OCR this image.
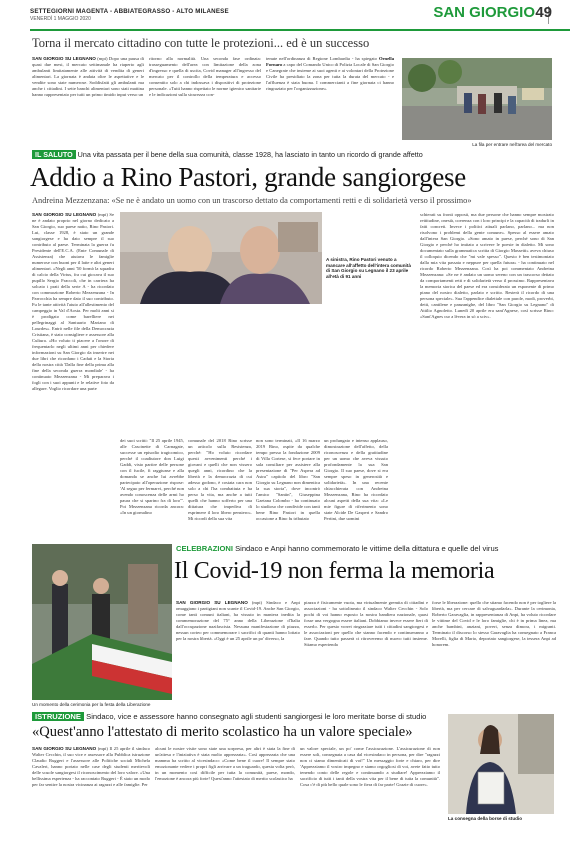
SETTEGIORNI MAGENTA - ABBIATEGRASSO - ALTO MILANESE
VENERDÌ 1 MAGGIO 2020	SAN GIORGIO 49
Torna il mercato cittadino con tutte le protezioni... ed è un successo
SAN GIORGIO SU LEGNANO (mpi) Dopo una pausa di quasi due mesi, il mercato settimanale ha riaperto agli ambulanti limitatamente alle attività di vendita di generi alimentari. La giornata è andata oltre le aspettative e le vendite sono state numerose. Soddisfatti gli ambulanti ma anche i cittadini. I sette banchi alimentari sono stati mattina hanno rappresentato per tutti un primo timido input verso un
ritorno alla normalità. Una seconda fase ordinata: trasseguamento dell'area con limitazione della zona d'ingresso e quella di uscita, Covid manager all'ingresso del mercato per il controllo della temperatura e accesso consentito solo a chi indossava i dispositivi di protezione personale. «Tutti hanno rispettato le norme igienico sanitarie e le indicazioni sulla sicurezza con-
tenute nell'ordinanza di Regione Lombardia - ha spiegato Ornella Fornaro a capo del Comando Unico di Polizia Locale di San Giorgio e Canegrate che insieme ai suoi agenti e ai volontari della Protezione Civile ha presidiato la zona per tutta la durata del mercato - e l'affluenza è stata buona. I commercianti a fine giornata ci hanno ringraziato per l'organizzazione».
La fila per entrare nell'area del mercato
IL SALUTO Una vita passata per il bene della sua comunità, classe 1928, ha lasciato in tanto un ricordo di grande affetto
Addio a Rino Pastori, grande sangiorgese
Andreina Mezzenzana: «Se ne è andato un uomo con un trascorso dettato da comportamenti retti e di solidarietà verso il prossimo»
SAN GIORGIO SU LEGNANO (mpi) Se ne è andato proprio nel giorno dedicato a San Giorgio, suo paese natio, Rino Pastori. Lui, classe 1928, è stato un grande sangiorgese e ha dato sempre il suo contributo al paese. Terminata la guerra fu Presidente dell'E.C.A. (Ente Comunale di Assistenza) che aiutava le famiglie numerose con buoni per il latte e altri generi alimentari. «Negli anni '50 formò la squadra di calcio della Virtus, fra cui giocava il suo pupillo Sergio Fraccoli, che in carriera ha solcato i prati della serie A - ha ricordato con commozione Roberto Mezzenzana - In Parrocchia ha sempre dato il suo contributo. Fu le tante attività l'aiuto all'allestimento del campeggio in Val d'Aosta. Per molti anni si è prodigato come barelliere nei pellegrinaggi al Santuario Mariano di Lourdes». Entrò nelle file della Democrazia Cristiana, è stato consigliere e assessore alla Cultura. «Ho voluto ti piacere a l'onore di frequentarlo negli ultimi anni per chiedere informazioni su San Giorgio da inserire nei due libri che ricordano i Caduti e la Storia della nostra città 'Dalla fine della prima alla fine della seconda guerra mondiale' - ha continuato Mezzenzana - Mi preparava i fogli con i suoi appunti e le relative foto da allegare. Voglio ricordare una parte
A sinistra, Rino Pastori venuto a mancare all'affetto dell'intera comunità di San Giorgio su Legnano il 23 aprile all'età di 91 anni
dei suoi scritti: "Il 25 aprile 1945, alle Cascinette di Carnagate, successe un episodio tragicomico, perché il coadiutore don Luigi Gaddi, visto partire delle persone con il fucile, fi raggiunse e alla domanda se anche lui avrebbe partecipato all'operazione rispose: 'Al seguo per fermarvi, perché non avendo conoscenza delle armi ho paura che si sparino fra di loro'". Poi Mezzenzana ricorda ancora: «In un giornalino
comunale del 2018 Rino scrisse un articolo sulla Resistenza, perché: "Ho voluto ricordare questi avvenimenti perché i giovani e quelli che non vissero quegli anni, ricordino che la libertà e la democrazia di cui adesso godono, è costata cara non solo a chi l'ha combattuta e ha perso la vita, ma anche a tutti quelli che hanno sofferto per una dittatura che impediva di esprimere il loro libero pensiero». Mi ricordi della sua vita
non sono terminati, «Il 16 marzo 2019 Rino, ospite da qualche tempo presso la fondazione 2009 di Villa Cortese, si fece portare in sala consiliare per assistere alla presentazione di "Per Aspera ad Astra" capitolo del libro "San Giorgio su Legnano non dimentica la sua storia", dove incontrò l'amico "Santin", Giuseppina Gaetana Colombo - ha continuato lo studioso che condivide con tanti bene Rino Pastori in quella occasione a Rino fu tributato
un prolungato e intenso applauso, dimostrazione dell'affetto, della riconoscenza e della gratitudine per un uomo che aveva vissuto profondamente la sua San Giorgio. Il suo paese, dove si era sempre speso in generosità e solidarietà». In una recente chiacchierata con Andreina Mezzenzana, Rino ha ricordato alcuni aspetti della sua vita: «Le mie figure di riferimento sono state Alcide De Gasperi e Sandro Pertini, due uomini
schierati su fronti opposti, ma due persone che hanno sempre mostrato rettitudine, onestà, coerenza con i loro principi e la capacità di tradurli in fatti concreti. Invece i politici attuali parlano, parlano... ma non risolvono i problemi della gente comune». Spesso al essere amato dall'intera San Giorgio. «Sono amato in paese, perché sono di San Giorgio e perché ho imitato a scrivere le poesie in dialetto. Mi sono documentato sulla grammatica scritta di Giorgio Massetti» aveva chiuso il colloquio dicendo che "mi vale spesso". Questo è ben testimoniato dalla mia vita passata e neppure per quella futura» - ha continuato nel ricordo Roberto Mezzenzana. Così ha poi commentato Andreina Mezzenzana: «Se ne è andato un uomo sereno con un trascorso dettato da comportamenti retti e di solidarietà verso il prossimo. Rappresentava la memoria storica del paese ed era considerato un esponente di primo piano del nostro dialetto, parlato e scritto. Resterà il ricordo di una persona speciale». Sua l'appendice dialettale con parole, modi, proverbi, detti, cantilene e panzanighe, del libro "San Giorgio su Legnano" di Attilio Agnoletto. Lunedì 20 aprile era sant'Agnese, così scrisse Rino: «Sant'Agnes cur a lèvera in sò a sciv».
CELEBRAZIONI Sindaco e Anpi hanno commemorato le vittime della dittatura e quelle del virus
Il Covid-19 non ferma la memoria
Un momento della cerimonia per la festa della Liberazione
SAN GIORGIO SU LEGNANO (mpi) Sindaco e Anpi omaggiano i partigiani non scante il Covid-19. Anche San Giorgio, come tanti comuni italiani, ha vissuto in maniera inedita la commemorazione del 75° anno della Liberazione d'Italia dall'occupazione nazifascista. Nessuna manifestazione di piazza, nessun corteo per commemorare i sacrifici di quanti hanno lottato per la nostra libertà. «Oggi è un 25 aprile un po' diverso, la
piazza è fisicamente vuota, ma virtualmente gremita di cittadini e associazioni - ha sottolineato il sindaco Walter Cecchin - Solo pochi di voi hanno esposto la nostra bandiera nazionale, quasi fosse una vergogna essere italiani. Dobbiamo invece essere fieri di esserlo. Per questo vorrei ringraziare tutti i cittadini sangiorgesi e le associazioni per quello che stanno facendo e continueranno a fare. Quando tutto passerà ci ritroveremo di nuovo tutti insieme. Stiamo esperienda
forse le liberazione: quello che stiamo facendo non è per togliere la libertà, ma per cercare di salvaguardarla». Durante la cerimonia, Roberto Garavaglia, in rappresentanza di Anpi, ha voluto ricordare le vittime del Covid e le loro famiglie, chi è in prima linea, ma anche bambini, anziani, poveri, senza dimora, i migranti. Terminato il discorso lo stesso Garavaglia ha consegnato a Franca Morelli, figlia di Mario, deportato sangiorgese, la tessera Anpi ad honorem.
ISTRUZIONE Sindaco, vice e assessore hanno consegnato agli studenti sangiorgesi le loro meritate borse di studio
«Quest'anno l'attestato di merito scolastico ha un valore speciale»
SAN GIORGIO SU LEGNANO (mpi) Il 25 aprile il sindaco Walter Cecchin, il suo vice e assessore alla Pubblica istruzione Claudio Ruggeri e l'assessore alle Politiche sociali Michela Cavaleri, hanno portato nelle case degli studenti meritevoli delle scuole sangiorgesi il riconoscimento del loro valore. «Una bellissima esperienza - ha raccontato Ruggeri - È stato un modo per far sentire la nostra vicinanza ai ragazzi e alle famiglie. Per
alcuni le nostre visite sono state una sorpresa, per altri è stata la fine di un'attesa e l'iniziativa è stata molto apprezzata». Così apprezzata che una mamma ha scritto al vicesindaco: «Come bene il cuore! Il sempre stato emozionante vedere i propri figli arrivare a un traguardo, questa volta però, in un momento così difficile per tutta la comunità, paese, mondo, l'emozione è ancora più forte! Quest'anno l'attestato di merito scolastico ha
un valore speciale, un po' come l'assicurazione. L'assicurazione di non essere soli, consegnata a casa dal vicesindaco in persona, per dire "ragazzi non ci siamo dimenticati di voi!" Un messaggio forte e chiaro, per dire 'Apprezziamo il vostro impegno e siamo orgogliosi di voi, avete fatto tutto tenendo conto delle regole e continuando a studiare! Apprezziamo il sacrificio di tutti i tanti della vostra vita per il bene di tutta la comunità". Cosa c'è di più bello quale sono le fiera di far parte! Grazie di cuore».
La consegna della borse di studio
